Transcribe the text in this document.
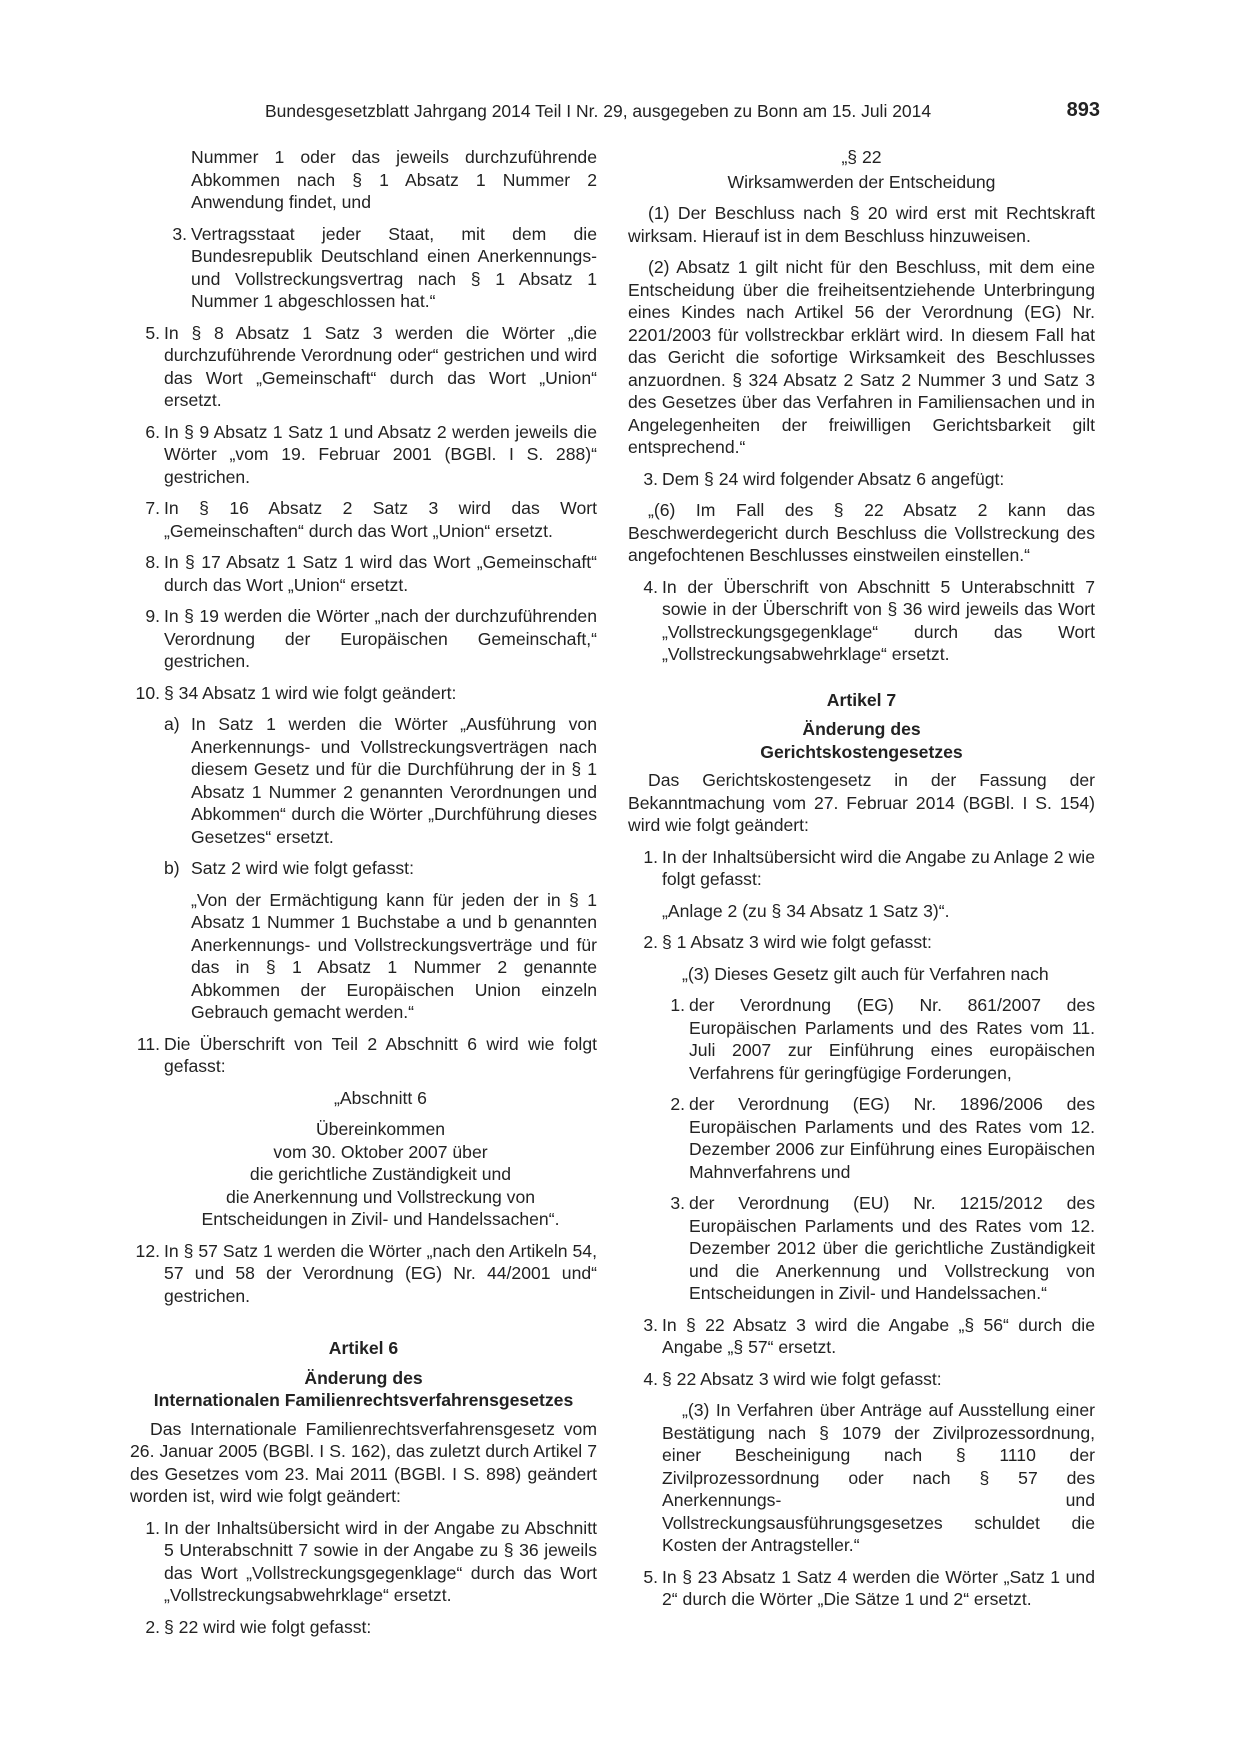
Bundesgesetzblatt Jahrgang 2014 Teil I Nr. 29, ausgegeben zu Bonn am 15. Juli 2014	893
Nummer 1 oder das jeweils durchzuführende Abkommen nach § 1 Absatz 1 Nummer 2 Anwendung findet, und
3. Vertragsstaat jeder Staat, mit dem die Bundesrepublik Deutschland einen Anerkennungs- und Vollstreckungsvertrag nach § 1 Absatz 1 Nummer 1 abgeschlossen hat.“
5. In § 8 Absatz 1 Satz 3 werden die Wörter „die durchzuführende Verordnung oder“ gestrichen und wird das Wort „Gemeinschaft“ durch das Wort „Union“ ersetzt.
6. In § 9 Absatz 1 Satz 1 und Absatz 2 werden jeweils die Wörter „vom 19. Februar 2001 (BGBl. I S. 288)“ gestrichen.
7. In § 16 Absatz 2 Satz 3 wird das Wort „Gemeinschaften“ durch das Wort „Union“ ersetzt.
8. In § 17 Absatz 1 Satz 1 wird das Wort „Gemeinschaft“ durch das Wort „Union“ ersetzt.
9. In § 19 werden die Wörter „nach der durchzuführenden Verordnung der Europäischen Gemeinschaft,“ gestrichen.
10. § 34 Absatz 1 wird wie folgt geändert:
a) In Satz 1 werden die Wörter „Ausführung von Anerkennungs- und Vollstreckungsverträgen nach diesem Gesetz und für die Durchführung der in § 1 Absatz 1 Nummer 2 genannten Verordnungen und Abkommen“ durch die Wörter „Durchführung dieses Gesetzes“ ersetzt.
b) Satz 2 wird wie folgt gefasst:
„Von der Ermächtigung kann für jeden der in § 1 Absatz 1 Nummer 1 Buchstabe a und b genannten Anerkennungs- und Vollstreckungsverträge und für das in § 1 Absatz 1 Nummer 2 genannte Abkommen der Europäischen Union einzeln Gebrauch gemacht werden.“
11. Die Überschrift von Teil 2 Abschnitt 6 wird wie folgt gefasst:
„Abschnitt 6
Übereinkommen
vom 30. Oktober 2007 über
die gerichtliche Zuständigkeit und
die Anerkennung und Vollstreckung von
Entscheidungen in Zivil- und Handelssachen“.
12. In § 57 Satz 1 werden die Wörter „nach den Artikeln 54, 57 und 58 der Verordnung (EG) Nr. 44/2001 und“ gestrichen.
Artikel 6
Änderung des
Internationalen Familienrechtsverfahrensgesetzes
Das Internationale Familienrechtsverfahrensgesetz vom 26. Januar 2005 (BGBl. I S. 162), das zuletzt durch Artikel 7 des Gesetzes vom 23. Mai 2011 (BGBl. I S. 898) geändert worden ist, wird wie folgt geändert:
1. In der Inhaltsübersicht wird in der Angabe zu Abschnitt 5 Unterabschnitt 7 sowie in der Angabe zu § 36 jeweils das Wort „Vollstreckungsgegenklage“ durch das Wort „Vollstreckungsabwehrklage“ ersetzt.
2. § 22 wird wie folgt gefasst:
„§ 22
Wirksamwerden der Entscheidung
(1) Der Beschluss nach § 20 wird erst mit Rechtskraft wirksam. Hierauf ist in dem Beschluss hinzuweisen.
(2) Absatz 1 gilt nicht für den Beschluss, mit dem eine Entscheidung über die freiheitsentziehende Unterbringung eines Kindes nach Artikel 56 der Verordnung (EG) Nr. 2201/2003 für vollstreckbar erklärt wird. In diesem Fall hat das Gericht die sofortige Wirksamkeit des Beschlusses anzuordnen. § 324 Absatz 2 Satz 2 Nummer 3 und Satz 3 des Gesetzes über das Verfahren in Familiensachen und in Angelegenheiten der freiwilligen Gerichtsbarkeit gilt entsprechend.“
3. Dem § 24 wird folgender Absatz 6 angefügt:
„(6) Im Fall des § 22 Absatz 2 kann das Beschwerdegericht durch Beschluss die Vollstreckung des angefochtenen Beschlusses einstweilen einstellen.“
4. In der Überschrift von Abschnitt 5 Unterabschnitt 7 sowie in der Überschrift von § 36 wird jeweils das Wort „Vollstreckungsgegenklage“ durch das Wort „Vollstreckungsabwehrklage“ ersetzt.
Artikel 7
Änderung des
Gerichtskostengesetzes
Das Gerichtskostengesetz in der Fassung der Bekanntmachung vom 27. Februar 2014 (BGBl. I S. 154) wird wie folgt geändert:
1. In der Inhaltsübersicht wird die Angabe zu Anlage 2 wie folgt gefasst:
„Anlage 2 (zu § 34 Absatz 1 Satz 3)“.
2. § 1 Absatz 3 wird wie folgt gefasst:
„(3) Dieses Gesetz gilt auch für Verfahren nach
1. der Verordnung (EG) Nr. 861/2007 des Europäischen Parlaments und des Rates vom 11. Juli 2007 zur Einführung eines europäischen Verfahrens für geringfügige Forderungen,
2. der Verordnung (EG) Nr. 1896/2006 des Europäischen Parlaments und des Rates vom 12. Dezember 2006 zur Einführung eines Europäischen Mahnverfahrens und
3. der Verordnung (EU) Nr. 1215/2012 des Europäischen Parlaments und des Rates vom 12. Dezember 2012 über die gerichtliche Zuständigkeit und die Anerkennung und Vollstreckung von Entscheidungen in Zivil- und Handelssachen.“
3. In § 22 Absatz 3 wird die Angabe „§ 56“ durch die Angabe „§ 57“ ersetzt.
4. § 22 Absatz 3 wird wie folgt gefasst:
„(3) In Verfahren über Anträge auf Ausstellung einer Bestätigung nach § 1079 der Zivilprozessordnung, einer Bescheinigung nach § 1110 der Zivilprozessordnung oder nach § 57 des Anerkennungs- und Vollstreckungsausführungsgesetzes schuldet die Kosten der Antragsteller.“
5. In § 23 Absatz 1 Satz 4 werden die Wörter „Satz 1 und 2“ durch die Wörter „Die Sätze 1 und 2“ ersetzt.
